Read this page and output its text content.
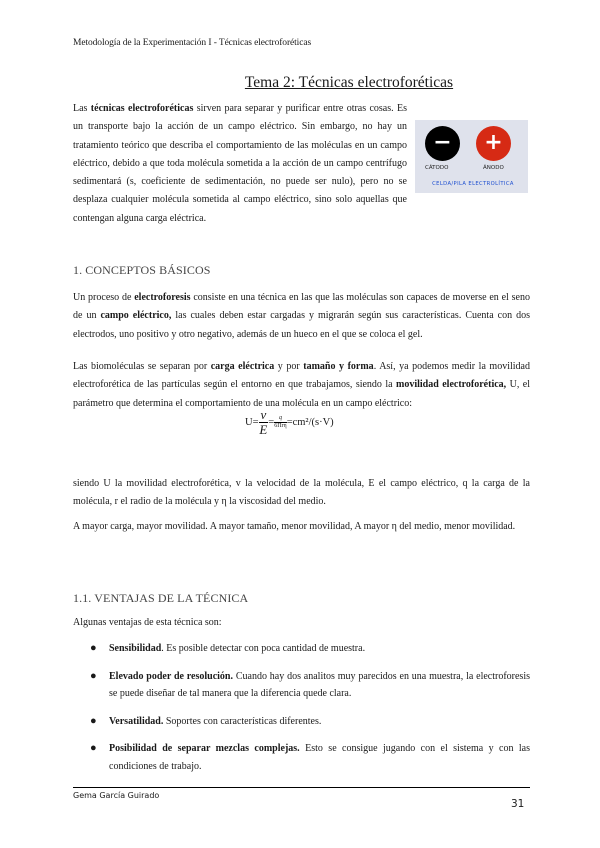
Metodología de la Experimentación I - Técnicas electroforéticas
Tema 2: Técnicas electroforéticas

Las técnicas electroforéticas sirven para separar y purificar entre otras cosas. Es un transporte bajo la acción de un campo eléctrico. Sin embargo, no hay un tratamiento teórico que describa el comportamiento de las moléculas en un campo eléctrico, debido a que toda molécula sometida a la acción de un campo centrífugo sedimentará (s, coeficiente de sedimentación, no puede ser nulo), pero no se desplaza cualquier molécula sometida al campo eléctrico, sino solo aquellas que contengan alguna carga eléctrica.

−	+
CÁTODO	ÁNODO
CELDA/PILA ELECTROLÍTICA
1. CONCEPTOS BÁSICOS

Un proceso de electroforesis consiste en una técnica en las que las moléculas son capaces de moverse en el seno de un campo eléctrico, las cuales deben estar cargadas y migrarán según sus características. Cuenta con dos electrodos, uno positivo y otro negativo, además de un hueco en el que se coloca el gel.

Las biomoléculas se separan por carga eléctrica y por tamaño y forma. Así, ya podemos medir la movilidad electroforética de las partículas según el entorno en que trabajamos, siendo la movilidad electroforética, U, el parámetro que determina el comportamiento de una molécula en un campo eléctrico:

$U= \frac{v}{E} = q$
6Πrη =cm²/(s·V)

siendo U la movilidad electroforética, v la velocidad de la molécula, E el campo eléctrico, q la carga de la molécula, r el radio de la molécula y η la viscosidad del medio.

A mayor carga, mayor movilidad. A mayor tamaño, menor movilidad, A mayor η del medio, menor movilidad.

1.1. VENTAJAS DE LA TÉCNICA

Algunas ventajas de esta técnica son:

● Sensibilidad. Es posible detectar con poca cantidad de muestra.
● Elevado poder de resolución. Cuando hay dos analitos muy parecidos en una muestra, la electroforesis se puede diseñar de tal manera que la diferencia quede clara.
● Versatilidad. Soportes con características diferentes.
● Posibilidad de separar mezclas complejas. Esto se consigue jugando con el sistema y con las condiciones de trabajo.
Gema García Guirado
31
